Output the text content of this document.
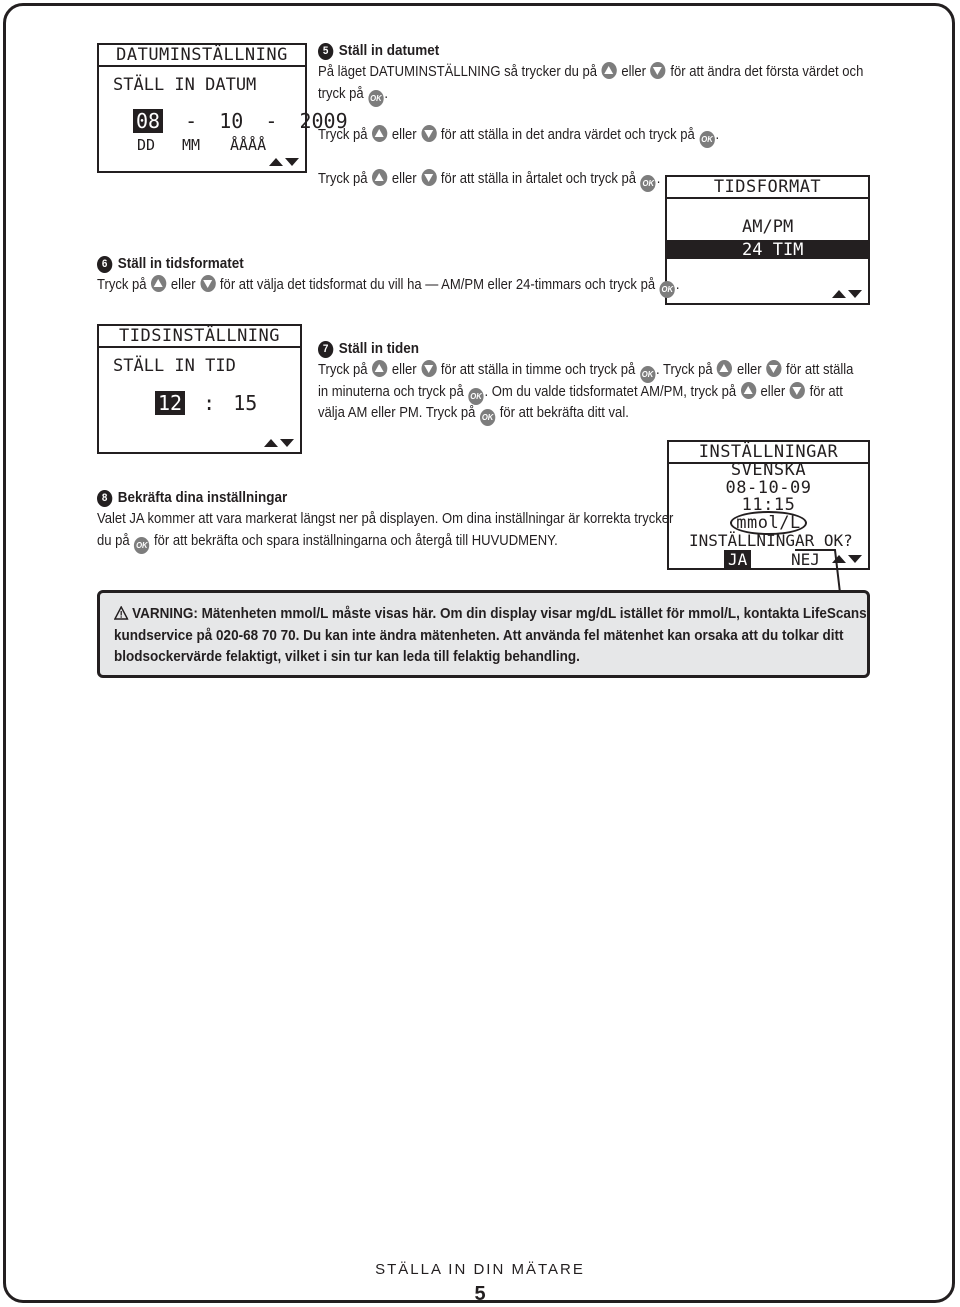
DATUMINSTÄLLNING
STÄLL IN DATUM
08 - 10 - 2009
DD MM ÅÅÅÅ
5 Ställ in datumet
På läget DATUMINSTÄLLNING så trycker du på eller för att ändra det första värdet och
tryck på OK .
Tryck på eller för att ställa in det andra värdet och tryck på OK .
Tryck på eller för att ställa in årtalet och tryck på OK .	TIDSFORMAT
AM/PM
24 TIM
6 Ställ in tidsformatet
Tryck på eller för att välja det tidsformat du vill ha — AM/PM eller 24-timmars och tryck på OK .
TIDSINSTÄLLNING
STÄLL IN TID
12 : 15
7 Ställ in tiden
Tryck på eller för att ställa in timme och tryck på OK . Tryck på eller för att ställa
in minuterna och tryck på OK . Om du valde tidsformatet AM/PM, tryck på eller för att
välja AM eller PM. Tryck på OK för att bekräfta ditt val.
INSTÄLLNINGAR
SVENSKA
08-10-09
11:15
mmol/L
INSTÄLLNINGAR OK?
JA	NEJ
8 Bekräfta dina inställningar
Valet JA kommer att vara markerat längst ner på displayen. Om dina inställningar är korrekta trycker
du på OK för att bekräfta och spara inställningarna och återgå till HUVUDMENY.
VARNING: Mätenheten mmol/L måste visas här. Om din display visar mg/dL istället för mmol/L, kontakta LifeScans
kundservice på 020-68 70 70. Du kan inte ändra mätenheten. Att använda fel mätenhet kan orsaka att du tolkar ditt
blodsockervärde felaktigt, vilket i sin tur kan leda till felaktig behandling.
STÄLLA IN DIN MÄTARE
5
